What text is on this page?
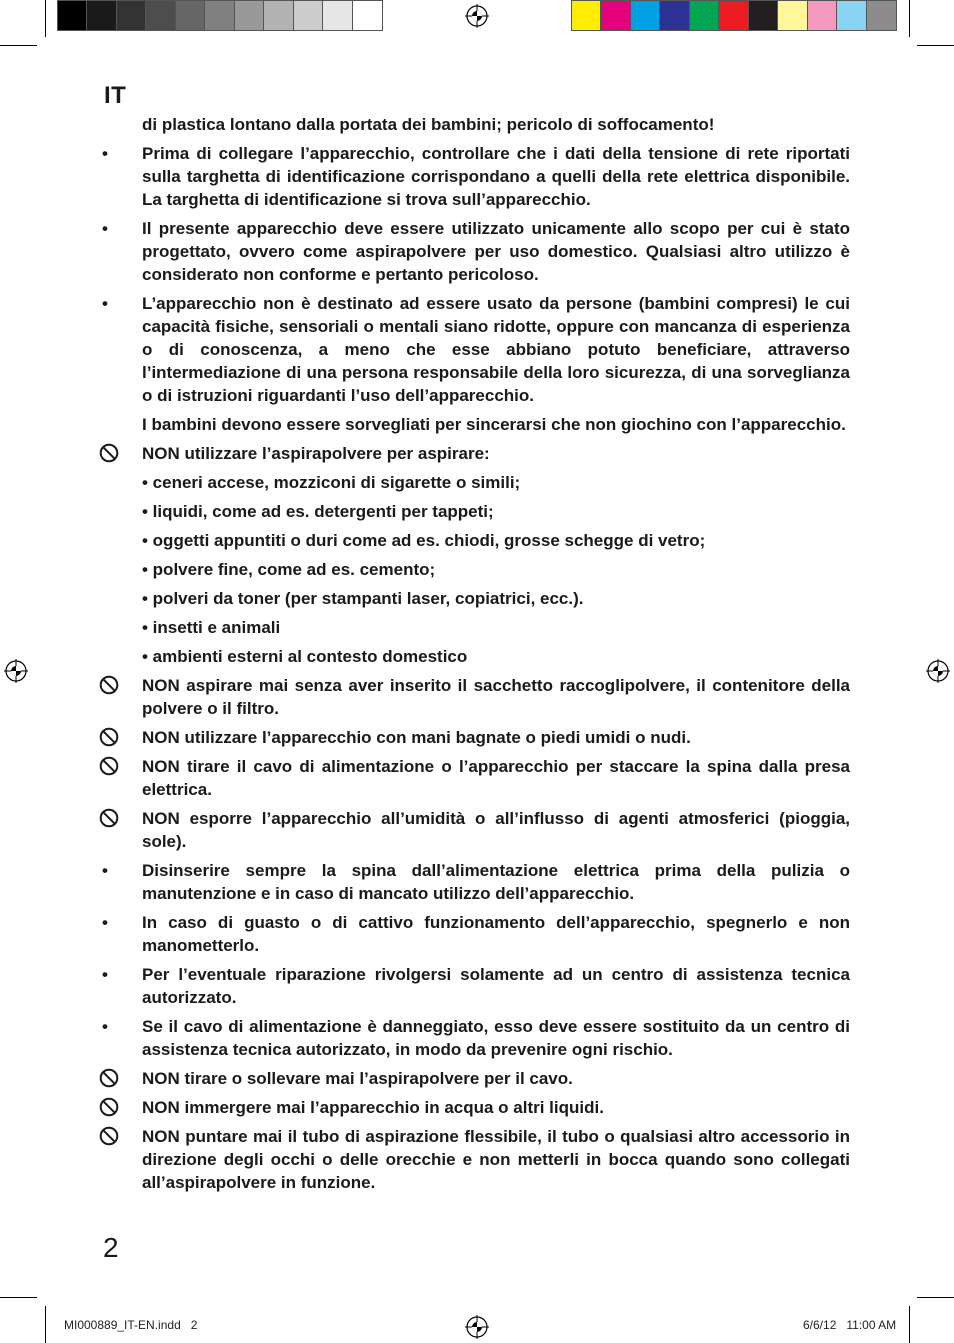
IT
di plastica lontano dalla portata dei bambini; pericolo di soffocamento!
•	Prima di collegare l’apparecchio, controllare che i dati della tensione di rete riportati sulla targhetta di identificazione corrispondano a quelli della rete elettrica disponibile. La targhetta di identificazione si trova sull’apparecchio.
•	Il presente apparecchio deve essere utilizzato unicamente allo scopo per cui è stato progettato, ovvero come aspirapolvere per uso domestico. Qualsiasi altro utilizzo è considerato non conforme e pertanto pericoloso.
•	L’apparecchio non è destinato ad essere usato da persone (bambini compresi) le cui capacità fisiche, sensoriali o mentali siano ridotte, oppure con mancanza di esperienza o di conoscenza, a meno che esse abbiano potuto beneficiare, attraverso l’intermediazione di una persona responsabile della loro sicurezza, di una sorveglianza o di istruzioni riguardanti l’uso dell’apparecchio.
I bambini devono essere sorvegliati per sincerarsi che non giochino con l’apparecchio.
NON utilizzare l’aspirapolvere per aspirare:
• ceneri accese, mozziconi di sigarette o simili;
• liquidi, come ad es. detergenti per tappeti;
• oggetti appuntiti o duri come ad es. chiodi, grosse schegge di vetro;
• polvere fine, come ad es. cemento;
• polveri da toner (per stampanti laser, copiatrici, ecc.).
• insetti e animali
• ambienti esterni al contesto domestico
NON aspirare mai senza aver inserito il sacchetto raccoglipolvere, il contenitore della polvere o il filtro.
NON utilizzare l’apparecchio con mani bagnate o piedi umidi o nudi.
NON tirare il cavo di alimentazione o l’apparecchio per staccare la spina dalla presa elettrica.
NON esporre l’apparecchio all’umidità o all’influsso di agenti atmosferici (pioggia, sole).
•	Disinserire sempre la spina dall’alimentazione elettrica prima della pulizia o manutenzione e in caso di mancato utilizzo dell’apparecchio.
•	In caso di guasto o di cattivo funzionamento dell’apparecchio, spegnerlo e non manometterlo.
•	Per l’eventuale riparazione rivolgersi solamente ad un centro di assistenza tecnica autorizzato.
•	Se il cavo di alimentazione è danneggiato, esso deve essere sostituito da un centro di assistenza tecnica autorizzato, in modo da prevenire ogni rischio.
NON tirare o sollevare mai l’aspirapolvere per il cavo.
NON immergere mai l’apparecchio in acqua o altri liquidi.
NON puntare mai il tubo di aspirazione flessibile, il tubo o qualsiasi altro accessorio in direzione degli occhi o delle orecchie e non metterli in bocca quando sono collegati all’aspirapolvere in funzione.
2
MI000889_IT-EN.indd   2	6/6/12   11:00 AM
